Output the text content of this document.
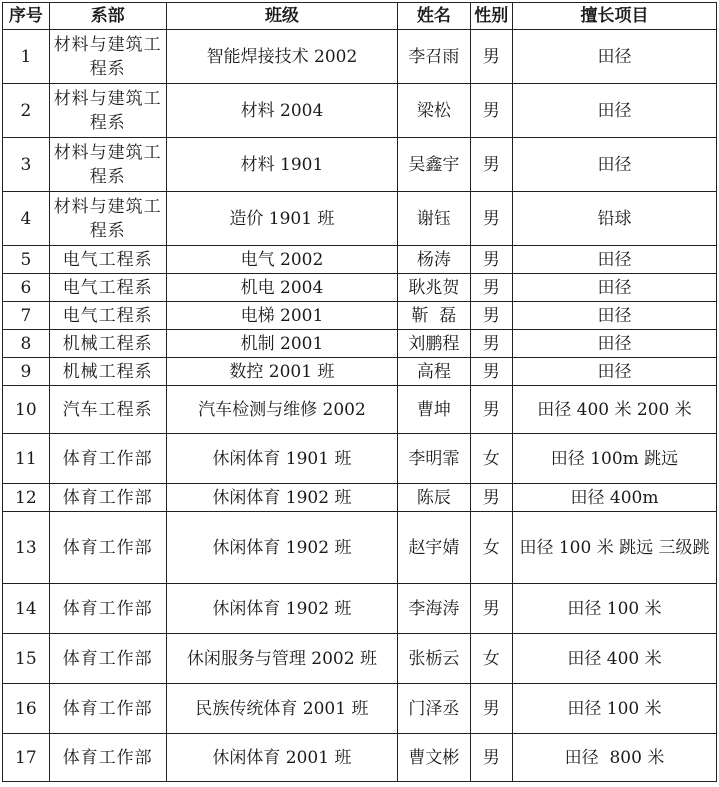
序号	系部	班级	姓名	性别	擅长项目
1	材料与建筑工程系	智能焊接技术 2002	李召雨	男	田径
2	材料与建筑工程系	材料 2004	梁松	男	田径
3	材料与建筑工程系	材料 1901	吴鑫宇	男	田径
4	材料与建筑工程系	造价 1901 班	谢钰	男	铅球
5	电气工程系	电气 2002	杨涛	男	田径
6	电气工程系	机电 2004	耿兆贺	男	田径
7	电气工程系	电梯 2001	靳  磊	男	田径
8	机械工程系	机制 2001	刘鹏程	男	田径
9	机械工程系	数控 2001 班	高程	男	田径
10	汽车工程系	汽车检测与维修 2002	曹坤	男	田径 400 米 200 米
11	体育工作部	休闲体育 1901 班	李明霏	女	田径 100m 跳远
12	体育工作部	休闲体育 1902 班	陈辰	男	田径 400m
13	体育工作部	休闲体育 1902 班	赵宇婧	女	田径 100 米 跳远 三级跳
14	体育工作部	休闲体育 1902 班	李海涛	男	田径 100 米
15	体育工作部	休闲服务与管理 2002 班	张栃云	女	田径 400 米
16	体育工作部	民族传统体育 2001 班	门泽丞	男	田径 100 米
17	体育工作部	休闲体育 2001 班	曹文彬	男	田径  800 米
